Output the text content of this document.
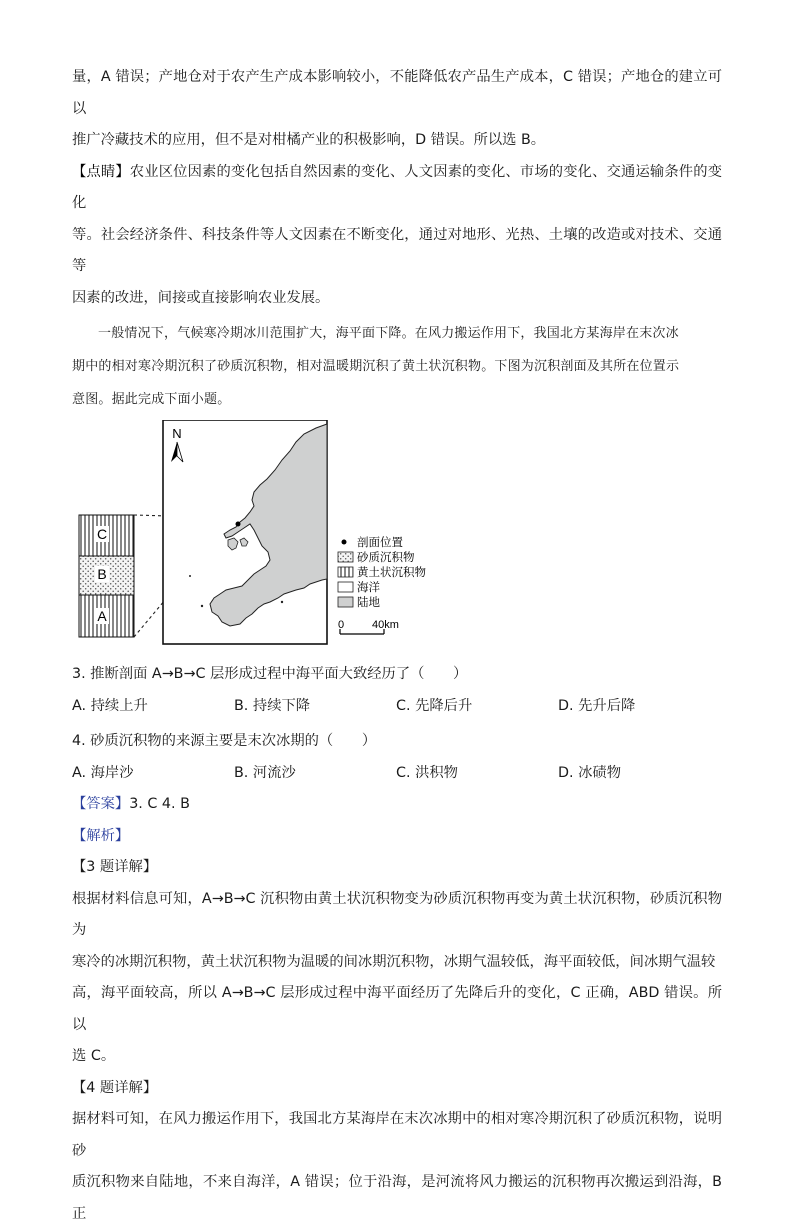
量，A 错误；产地仓对于农产生产成本影响较小，不能降低农产品生产成本，C 错误；产地仓的建立可以

推广冷藏技术的应用，但不是对柑橘产业的积极影响，D 错误。所以选 B。

【点睛】农业区位因素的变化包括自然因素的变化、人文因素的变化、市场的变化、交通运输条件的变化

等。社会经济条件、科技条件等人文因素在不断变化，通过对地形、光热、土壤的改造或对技术、交通等

因素的改进，间接或直接影响农业发展。

一般情况下，气候寒冷期冰川范围扩大，海平面下降。在风力搬运作用下，我国北方某海岸在末次冰

期中的相对寒冷期沉积了砂质沉积物，相对温暖期沉积了黄土状沉积物。下图为沉积剖面及其所在位置示

意图。据此完成下面小题。

C
B
A
N
剖面位置
砂质沉积物
黄土状沉积物
海洋
陆地
0	40km

3. 推断剖面 A→B→C 层形成过程中海平面大致经历了（　　）

A. 持续上升	B. 持续下降	C. 先降后升	D. 先升后降

4. 砂质沉积物的来源主要是末次冰期的（　　）

A. 海岸沙	B. 河流沙	C. 洪积物	D. 冰碛物

【答案】3. C 4. B

【解析】

【3 题详解】

根据材料信息可知，A→B→C 沉积物由黄土状沉积物变为砂质沉积物再变为黄土状沉积物，砂质沉积物为

寒冷的冰期沉积物，黄土状沉积物为温暖的间冰期沉积物，冰期气温较低，海平面较低，间冰期气温较

高，海平面较高，所以 A→B→C 层形成过程中海平面经历了先降后升的变化，C 正确，ABD 错误。所以

选 C。

【4 题详解】

据材料可知，在风力搬运作用下，我国北方某海岸在末次冰期中的相对寒冷期沉积了砂质沉积物，说明砂

质沉积物来自陆地，不来自海洋，A 错误；位于沿海，是河流将风力搬运的沉积物再次搬运到沿海，B 正
